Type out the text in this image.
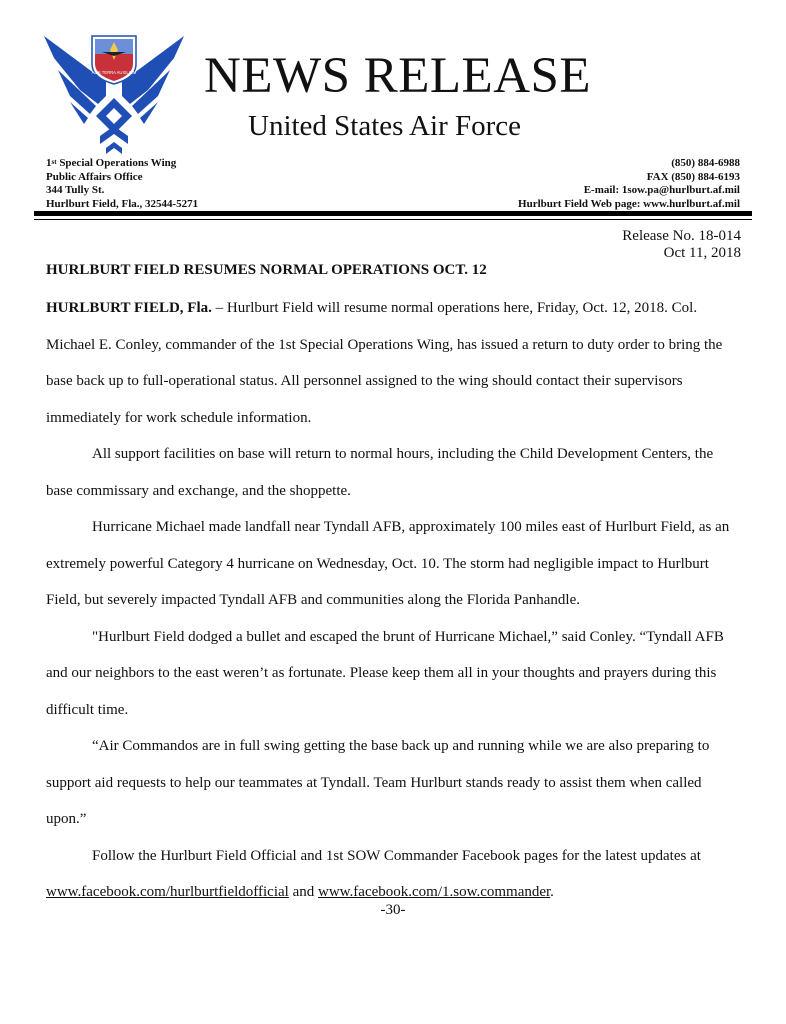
ALIS TERRA AUXILIUM NEWS RELEASE
United States Air Force
1st Special Operations Wing
Public Affairs Office
344 Tully St.
Hurlburt Field, Fla., 32544-5271
(850) 884-6988
FAX (850) 884-6193
E-mail: 1sow.pa@hurlburt.af.mil
Hurlburt Field Web page: www.hurlburt.af.mil
Release No. 18-014
Oct 11, 2018
HURLBURT FIELD RESUMES NORMAL OPERATIONS OCT. 12

HURLBURT FIELD, Fla. – Hurlburt Field will resume normal operations here, Friday, Oct. 12, 2018. Col. Michael E. Conley, commander of the 1st Special Operations Wing, has issued a return to duty order to bring the base back up to full-operational status. All personnel assigned to the wing should contact their supervisors immediately for work schedule information.

All support facilities on base will return to normal hours, including the Child Development Centers, the base commissary and exchange, and the shoppette.

Hurricane Michael made landfall near Tyndall AFB, approximately 100 miles east of Hurlburt Field, as an extremely powerful Category 4 hurricane on Wednesday, Oct. 10. The storm had negligible impact to Hurlburt Field, but severely impacted Tyndall AFB and communities along the Florida Panhandle.

"Hurlburt Field dodged a bullet and escaped the brunt of Hurricane Michael,” said Conley. “Tyndall AFB and our neighbors to the east weren’t as fortunate. Please keep them all in your thoughts and prayers during this difficult time.

“Air Commandos are in full swing getting the base back up and running while we are also preparing to support aid requests to help our teammates at Tyndall. Team Hurlburt stands ready to assist them when called upon.”

Follow the Hurlburt Field Official and 1st SOW Commander Facebook pages for the latest updates at www.facebook.com/hurlburtfieldofficial and www.facebook.com/1.sow.commander.

-30-
